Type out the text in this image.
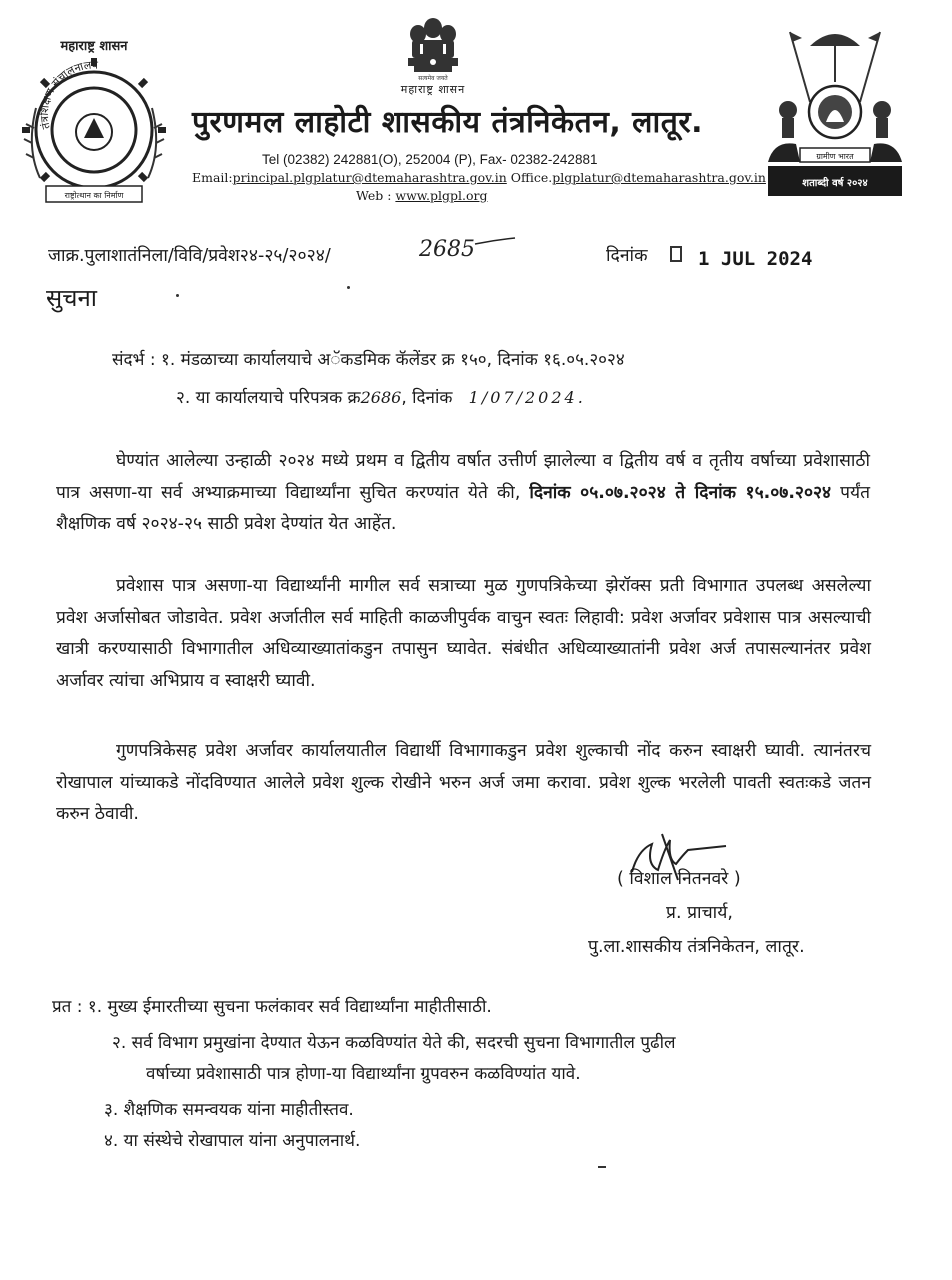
तंत्रशिक्षण संचालनालय
महाराष्ट्र शासन
राष्ट्रोत्थान का निर्माण
सत्यमेव जयते
महाराष्ट्र शासन
ग्रामीण भारत
शताब्दी वर्ष २०२४
पुरणमल लाहोटी शासकीय तंत्रनिकेतन, लातूर.
Tel (02382) 242881(O), 252004 (P), Fax- 02382-242881
Email:principal.plgplatur@dtemaharashtra.gov.in Office.plgplatur@dtemaharashtra.gov.in
Web : www.plgpl.org
जाक्र.पुलाशातंनिला/विवि/प्रवेश२४-२५/२०२४/	2685	दिनांक	1 JUL 2024
सुचना
संदर्भ : १. मंडळाच्या कार्यालयाचे अॅकडमिक कॅलेंडर क्र १५०, दिनांक १६.०५.२०२४
२. या कार्यालयाचे परिपत्रक क्र2686, दिनांक 1/07/2024.
घेण्यांत आलेल्या उन्हाळी २०२४ मध्ये प्रथम व द्वितीय वर्षात उत्तीर्ण झालेल्या व द्वितीय वर्ष व तृतीय वर्षाच्या प्रवेशासाठी पात्र असणा-या सर्व अभ्याक्रमाच्या विद्यार्थ्यांना सुचित करण्यांत येते की, दिनांक ०५.०७.२०२४ ते दिनांक १५.०७.२०२४ पर्यंत शैक्षणिक वर्ष २०२४-२५ साठी प्रवेश देण्यांत येत आहेंत.
प्रवेशास पात्र असणा-या विद्यार्थ्यांनी मागील सर्व सत्राच्या मुळ गुणपत्रिकेच्या झेरॉक्स प्रती विभागात उपलब्ध असलेल्या प्रवेश अर्जासोबत जोडावेत. प्रवेश अर्जातील सर्व माहिती काळजीपुर्वक वाचुन स्वतः लिहावी: प्रवेश अर्जावर प्रवेशास पात्र असल्याची खात्री करण्यासाठी विभागातील अधिव्याख्यातांकडुन तपासुन घ्यावेत. संबंधीत अधिव्याख्यातांनी प्रवेश अर्ज तपासल्यानंतर प्रवेश अर्जावर त्यांचा अभिप्राय व स्वाक्षरी घ्यावी.
गुणपत्रिकेसह प्रवेश अर्जावर कार्यालयातील विद्यार्थी विभागाकडुन प्रवेश शुल्काची नोंद करुन स्वाक्षरी घ्यावी. त्यानंतरच रोखापाल यांच्याकडे नोंदविण्यात आलेले प्रवेश शुल्क रोखीने भरुन अर्ज जमा करावा. प्रवेश शुल्क भरलेली पावती स्वतःकडे जतन करुन ठेवावी.
( विशाल नितनवरे )
प्र. प्राचार्य,
पु.ला.शासकीय तंत्रनिकेतन, लातूर.
प्रत : १. मुख्य ईमारतीच्या सुचना फलंकावर सर्व विद्यार्थ्यांना माहीतीसाठी.
२. सर्व विभाग प्रमुखांना देण्यात येऊन कळविण्यांत येते की, सदरची सुचना विभागातील पुढील
वर्षाच्या प्रवेशासाठी पात्र होणा-या विद्यार्थ्यांना ग्रुपवरुन कळविण्यांत यावे.
३. शैक्षणिक समन्वयक यांना माहीतीस्तव.
४. या संस्थेचे रोखापाल यांना अनुपालनार्थ.
